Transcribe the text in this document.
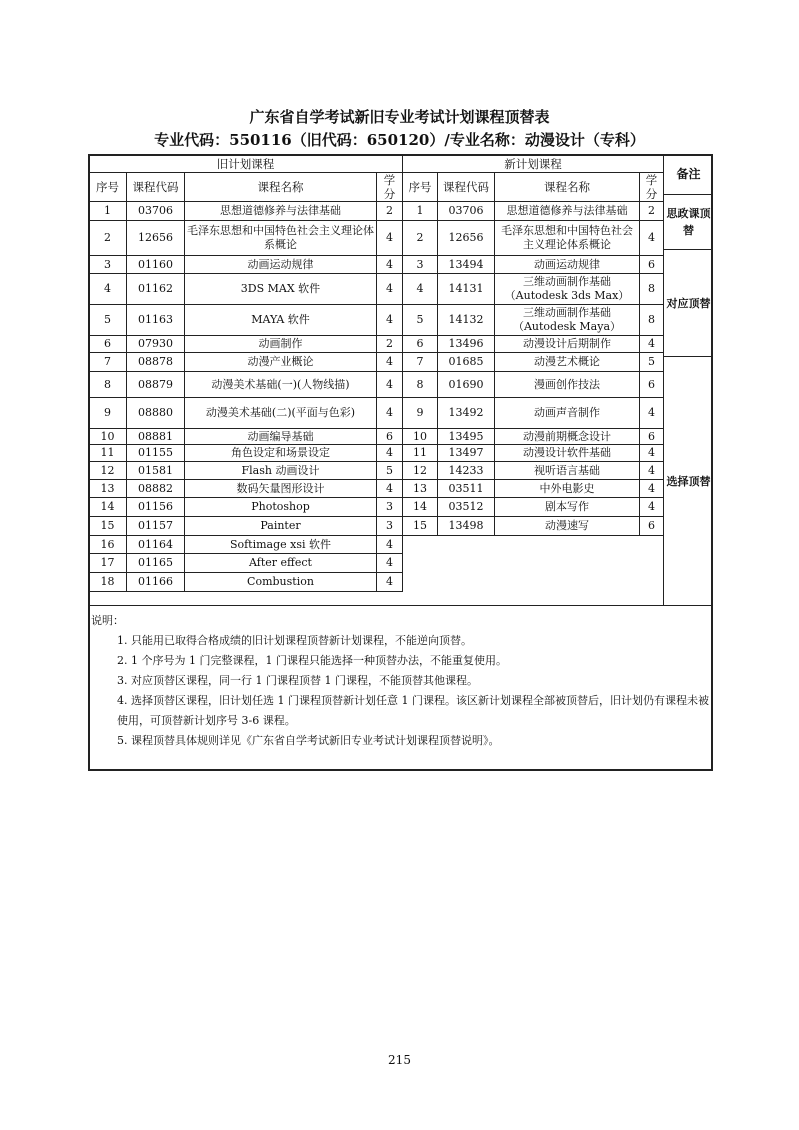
广东省自学考试新旧专业考试计划课程顶替表
专业代码：550116（旧代码：650120）/专业名称：动漫设计（专科）
旧计划课程				新计划课程			
序号	课程代码	课程名称	学分	序号	课程代码	课程名称	学分
1	03706	思想道德修养与法律基础	2	1	03706	思想道德修养与法律基础	2
2	12656	毛泽东思想和中国特色社会主义理论体系概论	4	2	12656	毛泽东思想和中国特色社会主义理论体系概论	4
3	01160	动画运动规律	4	3	13494	动画运动规律	6
4	01162	3DS MAX 软件	4	4	14131	三维动画制作基础（Autodesk 3ds Max）	8
5	01163	MAYA 软件	4	5	14132	三维动画制作基础（Autodesk Maya）	8
6	07930	动画制作	2	6	13496	动漫设计后期制作	4
7	08878	动漫产业概论	4	7	01685	动漫艺术概论	5
8	08879	动漫美术基础(一)(人物线描)	4	8	01690	漫画创作技法	6
9	08880	动漫美术基础(二)(平面与色彩)	4	9	13492	动画声音制作	4
10	08881	动画编导基础	6	10	13495	动漫前期概念设计	6
11	01155	角色设定和场景设定	4	11	13497	动漫设计软件基础	4
12	01581	Flash 动画设计	5	12	14233	视听语言基础	4
13	08882	数码矢量图形设计	4	13	03511	中外电影史	4
14	01156	Photoshop	3	14	03512	剧本写作	4
15	01157	Painter	3	15	13498	动漫速写	6
16	01164	Softimage xsi 软件	4				
17	01165	After effect	4				
18	01166	Combustion	4				
备注
思政课顶替
对应顶替
选择顶替

说明：

1. 只能用已取得合格成绩的旧计划课程顶替新计划课程，不能逆向顶替。

2. 1 个序号为 1 门完整课程，1 门课程只能选择一种顶替办法，不能重复使用。

3. 对应顶替区课程，同一行 1 门课程顶替 1 门课程，不能顶替其他课程。

4. 选择顶替区课程，旧计划任选 1 门课程顶替新计划任意 1 门课程。该区新计划课程全部被顶替后，旧计划仍有课程未被使用，可顶替新计划序号 3-6 课程。

5. 课程顶替具体规则详见《广东省自学考试新旧专业考试计划课程顶替说明》。

215
